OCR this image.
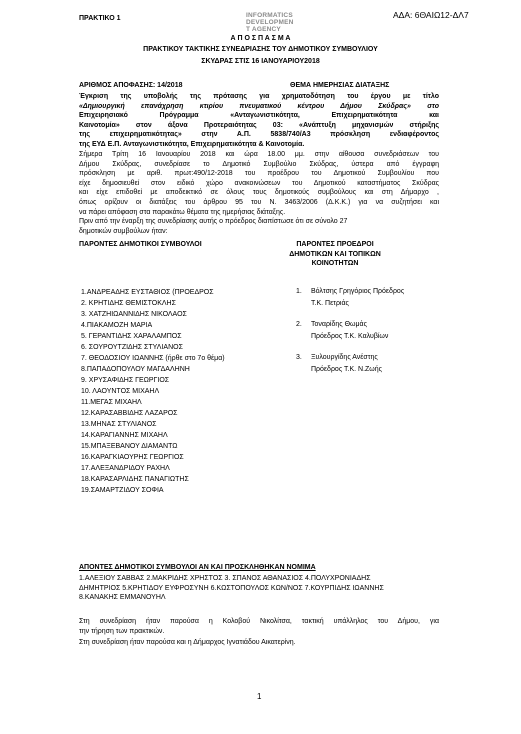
ΠΡΑΚΤΙΚΟ 1	INFORMATICS
DEVELOPMEN
T AGENCY
ΑΔΑ: 6ΘΑΙΩ12-ΔΛ7
Α Π Ο Σ Π Α Σ Μ Α
ΠΡΑΚΤΙΚΟΥ ΤΑΚΤΙΚΗΣ ΣΥΝΕΔΡΙΑΣΗΣ ΤΟΥ ΔΗΜΟΤΙΚΟΥ ΣΥΜΒΟΥΛΙΟΥ
ΣΚΥΔΡΑΣ ΣΤΙΣ 16 ΙΑΝΟΥΑΡΙΟΥ2018
ΑΡΙΘΜΟΣ ΑΠΟΦΑΣΗΣ: 14/2018	ΘΕΜΑ ΗΜΕΡΗΣΙΑΣ ΔΙΑΤΑΞΗΣ
Έγκριση της υποβολής της πρότασης για χρηματοδότηση του έργου με τίτλο
«Δημιουργική επανάχρηση κτιρίου πνευματικού κέντρου Δήμου Σκύδρας» στο
Επιχειρησιακό Πρόγραμμα «Ανταγωνιστικότητα, Επιχειρηματικότητα και
Καινοτομία» στον άξονα Προτεραιότητας 03: «Ανάπτυξη μηχανισμών στήριξης
της επιχειρηματικότητας» στην Α.Π. 5838/740/Α3 πρόσκληση ενδιαφέροντος
της ΕΥΔ Ε.Π. Ανταγωνιστικότητα, Επιχειρηματικότητα & Καινοτομία.
Σήμερα Τρίτη 16 Ιανουαρίου 2018 και ώρα 18.00 μμ. στην αίθουσα συνεδριάσεων του
Δήμου Σκύδρας, συνεδρίασε το Δημοτικό Συμβούλιο Σκύδρας, ύστερα από έγγραφη
πρόσκληση με αριθ. πρωτ:490/12-2018 του προέδρου του Δημοτικού Συμβουλίου που
είχε δημοσιευθεί στον ειδικό χώρο ανακοινώσεων του Δημοτικού καταστήματος Σκύδρας
και είχε επιδοθεί με αποδεικτικό σε όλους τους δημοτικούς συμβούλους και στη Δήμαρχο ,
όπως ορίζουν οι διατάξεις του άρθρου 95 του Ν. 3463/2006 (Δ.Κ.Κ.) για να συζητήσει και
να πάρει απόφαση στα παρακάτω θέματα της ημερήσιας διάταξης.
Πριν από την έναρξη της συνεδρίασης αυτής ο πρόεδρος διαπίστωσε ότι σε σύνολο 27
δημοτικών συμβούλων ήταν:
ΠΑΡΟΝΤΕΣ ΔΗΜΟΤΙΚΟΙ ΣΥΜΒΟΥΛΟΙ	ΠΑΡΟΝΤΕΣ ΠΡΟΕΔΡΟΙ
ΔΗΜΟΤΙΚΩΝ ΚΑΙ ΤΟΠΙΚΩΝ
ΚΟΙΝΟΤΗΤΩΝ
1.ΑΝΔΡΕΑΔΗΣ ΕΥΣΤΑΘΙΟΣ (ΠΡΟΕΔΡΟΣ
2. ΚΡΗΤΙΔΗΣ ΘΕΜΙΣΤΟΚΛΗΣ
3. ΧΑΤΖΗΙΩΑΝΝΙΔΗΣ ΝΙΚΟΛΑΟΣ
4.ΠΙΑΚΑΜΟΖΗ ΜΑΡΙΑ
5. ΓΕΡΑΝΤΙΔΗΣ ΧΑΡΑΛΑΜΠΟΣ
6. ΣΟΥΡΟΥΤΖΙΔΗΣ ΣΤΥΛΙΑΝΟΣ
7. ΘΕΟΔΟΣΙΟΥ ΙΩΑΝΝΗΣ (ήρθε στο 7ο θέμα)
8.ΠΑΠΑΔΟΠΟΥΛΟΥ ΜΑΓΔΑΛΗΝΗ
9. ΧΡΥΣΑΦΙΔΗΣ ΓΕΩΡΓΙΟΣ
10. ΛΑΟΥΝΤΟΣ ΜΙΧΑΗΛ
11.ΜΕΓΑΣ ΜΙΧΑΗΛ
12.ΚΑΡΑΣΑΒΒΙΔΗΣ ΛΑΖΑΡΟΣ
13.ΜΗΝΑΣ ΣΤΥΛΙΑΝΟΣ
14.ΚΑΡΑΓΙΑΝΝΗΣ ΜΙΧΑΗΛ
15.ΜΠΑΞΕΒΑΝΟΥ ΔΙΑΜΑΝΤΩ
16.ΚΑΡΑΓΚΙΑΟΥΡΗΣ ΓΕΩΡΓΙΟΣ
17.ΑΛΕΞΑΝΔΡΙΔΟΥ ΡΑΧΗΛ
18.ΚΑΡΑΣΑΡΛΙΔΗΣ ΠΑΝΑΓΙΩΤΗΣ
19.ΣΑΜΑΡΤΖΙΔΟΥ ΣΟΦΙΑ
1. Βόλτσης Γρηγόριος Πρόεδρος
Τ.Κ. Πετριάς
2. Τοναρίδης Θωμάς
Πρόεδρος Τ.Κ. Καλυβίων
3. Ξυλουργίδης Ανέστης
Πρόεδρος Τ.Κ. Ν.Ζωής
ΑΠΟΝΤΕΣ ΔΗΜΟΤΙΚΟΙ ΣΥΜΒΟΥΛΟΙ ΑΝ ΚΑΙ ΠΡΟΣΚΛΗΘΗΚΑΝ ΝΟΜΙΜΑ
1.ΑΛΕΞΙΟΥ ΣΑΒΒΑΣ 2.ΜΑΚΡΙΔΗΣ ΧΡΗΣΤΟΣ 3. ΣΠΑΝΟΣ ΑΘΑΝΑΣΙΟΣ 4.ΠΟΛΥΧΡΟΝΙΑΔΗΣ
ΔΗΜΗΤΡΙΟΣ 5.ΚΡΗΤΙΔΟΥ ΕΥΦΡΟΣΥΝΗ 6.ΚΩΣΤΟΠΟΥΛΟΣ ΚΩΝ/ΝΟΣ 7.ΚΟΥΡΠΙΔΗΣ ΙΩΑΝΝΗΣ
8.ΚΑΝΑΚΗΣ ΕΜΜΑΝΟΥΗΛ
Στη συνεδρίαση ήταν παρούσα η Κολοβού Νικολίτσα, τακτική υπάλληλος του Δήμου, για
την τήρηση των πρακτικών.
Στη συνεδρίαση ήταν παρούσα και η Δήμαρχος Ιγνατιάδου Αικατερίνη.
1
